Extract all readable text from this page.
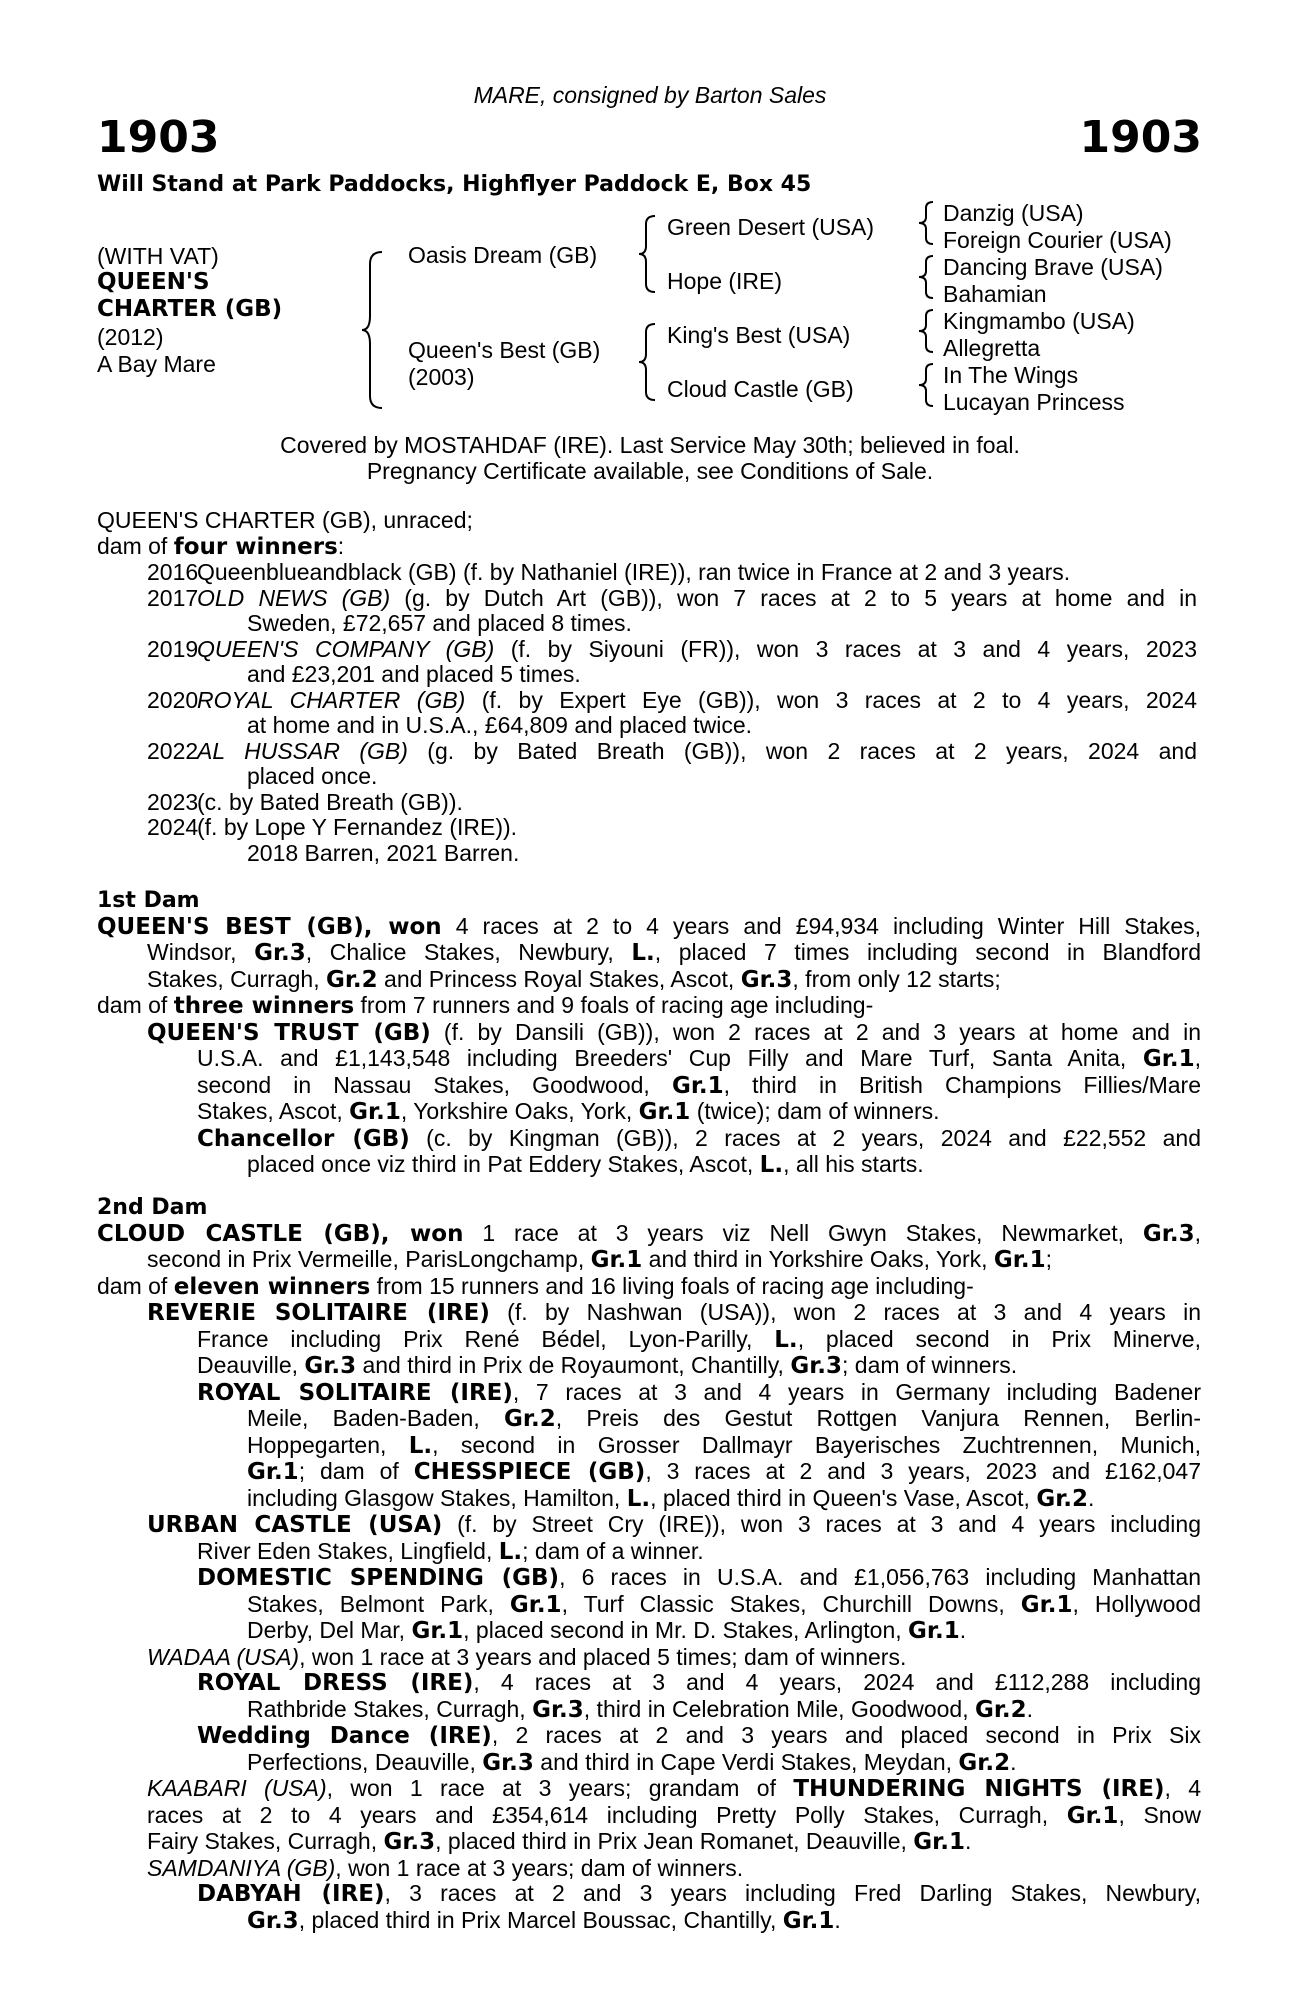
1903	1903
MARE, consigned by Barton Sales
Will Stand at Park Paddocks, Highflyer Paddock E, Box 45
(WITH VAT)
QUEEN'S
CHARTER (GB)
(2012)
A Bay Mare
Oasis Dream (GB)
Queen's Best (GB)
(2003)
Green Desert (USA)
Hope (IRE)
King's Best (USA)
Cloud Castle (GB)
Danzig (USA)
Foreign Courier (USA)
Dancing Brave (USA)
Bahamian
Kingmambo (USA)
Allegretta
In The Wings
Lucayan Princess
Covered by MOSTAHDAF (IRE). Last Service May 30th; believed in foal.
Pregnancy Certificate available, see Conditions of Sale.
QUEEN'S CHARTER (GB), unraced;
dam of four winners:
2016Queenblueandblack (GB) (f. by Nathaniel (IRE)), ran twice in France at 2 and 3 years.
2017OLD NEWS (GB) (g. by Dutch Art (GB)), won 7 races at 2 to 5 years at home and in
Sweden, £72,657 and placed 8 times.
2019QUEEN'S COMPANY (GB) (f. by Siyouni (FR)), won 3 races at 3 and 4 years, 2023
and £23,201 and placed 5 times.
2020ROYAL CHARTER (GB) (f. by Expert Eye (GB)), won 3 races at 2 to 4 years, 2024
at home and in U.S.A., £64,809 and placed twice.
2022AL HUSSAR (GB) (g. by Bated Breath (GB)), won 2 races at 2 years, 2024 and
placed once.
2023(c. by Bated Breath (GB)).
2024(f. by Lope Y Fernandez (IRE)).
2018 Barren, 2021 Barren.
1st Dam
QUEEN'S BEST (GB), won 4 races at 2 to 4 years and £94,934 including Winter Hill Stakes,
Windsor, Gr.3, Chalice Stakes, Newbury, L., placed 7 times including second in Blandford
Stakes, Curragh, Gr.2 and Princess Royal Stakes, Ascot, Gr.3, from only 12 starts;
dam of three winners from 7 runners and 9 foals of racing age including-
QUEEN'S TRUST (GB) (f. by Dansili (GB)), won 2 races at 2 and 3 years at home and in
U.S.A. and £1,143,548 including Breeders' Cup Filly and Mare Turf, Santa Anita, Gr.1,
second in Nassau Stakes, Goodwood, Gr.1, third in British Champions Fillies/Mare
Stakes, Ascot, Gr.1, Yorkshire Oaks, York, Gr.1 (twice); dam of winners.
Chancellor (GB) (c. by Kingman (GB)), 2 races at 2 years, 2024 and £22,552 and
placed once viz third in Pat Eddery Stakes, Ascot, L., all his starts.
2nd Dam
CLOUD CASTLE (GB), won 1 race at 3 years viz Nell Gwyn Stakes, Newmarket, Gr.3,
second in Prix Vermeille, ParisLongchamp, Gr.1 and third in Yorkshire Oaks, York, Gr.1;
dam of eleven winners from 15 runners and 16 living foals of racing age including-
REVERIE SOLITAIRE (IRE) (f. by Nashwan (USA)), won 2 races at 3 and 4 years in
France including Prix René Bédel, Lyon-Parilly, L., placed second in Prix Minerve,
Deauville, Gr.3 and third in Prix de Royaumont, Chantilly, Gr.3; dam of winners.
ROYAL SOLITAIRE (IRE), 7 races at 3 and 4 years in Germany including Badener
Meile, Baden-Baden, Gr.2, Preis des Gestut Rottgen Vanjura Rennen, Berlin-
Hoppegarten, L., second in Grosser Dallmayr Bayerisches Zuchtrennen, Munich,
Gr.1; dam of CHESSPIECE (GB), 3 races at 2 and 3 years, 2023 and £162,047
including Glasgow Stakes, Hamilton, L., placed third in Queen's Vase, Ascot, Gr.2.
URBAN CASTLE (USA) (f. by Street Cry (IRE)), won 3 races at 3 and 4 years including
River Eden Stakes, Lingfield, L.; dam of a winner.
DOMESTIC SPENDING (GB), 6 races in U.S.A. and £1,056,763 including Manhattan
Stakes, Belmont Park, Gr.1, Turf Classic Stakes, Churchill Downs, Gr.1, Hollywood
Derby, Del Mar, Gr.1, placed second in Mr. D. Stakes, Arlington, Gr.1.
WADAA (USA), won 1 race at 3 years and placed 5 times; dam of winners.
ROYAL DRESS (IRE), 4 races at 3 and 4 years, 2024 and £112,288 including
Rathbride Stakes, Curragh, Gr.3, third in Celebration Mile, Goodwood, Gr.2.
Wedding Dance (IRE), 2 races at 2 and 3 years and placed second in Prix Six
Perfections, Deauville, Gr.3 and third in Cape Verdi Stakes, Meydan, Gr.2.
KAABARI (USA), won 1 race at 3 years; grandam of THUNDERING NIGHTS (IRE), 4
races at 2 to 4 years and £354,614 including Pretty Polly Stakes, Curragh, Gr.1, Snow
Fairy Stakes, Curragh, Gr.3, placed third in Prix Jean Romanet, Deauville, Gr.1.
SAMDANIYA (GB), won 1 race at 3 years; dam of winners.
DABYAH (IRE), 3 races at 2 and 3 years including Fred Darling Stakes, Newbury,
Gr.3, placed third in Prix Marcel Boussac, Chantilly, Gr.1.
